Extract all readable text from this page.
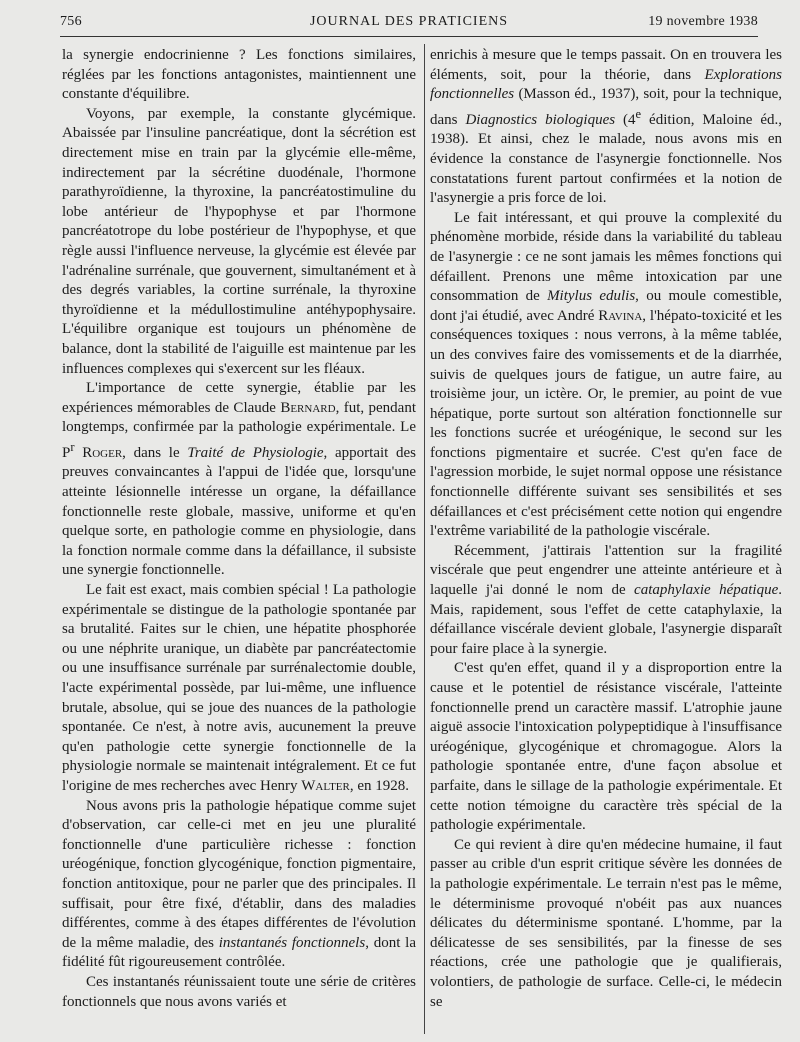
756	JOURNAL DES PRATICIENS	19 novembre 1938

la synergie endocrinienne ? Les fonctions similaires, réglées par les fonctions antagonistes, maintiennent une constante d'équilibre.

Voyons, par exemple, la constante glycémique. Abaissée par l'insuline pancréatique, dont la sécrétion est directement mise en train par la glycémie elle-même, indirectement par la sécrétine duodénale, l'hormone parathyroïdienne, la thyroxine, la pancréatostimuline du lobe antérieur de l'hypophyse et par l'hormone pancréatotrope du lobe postérieur de l'hypophyse, et que règle aussi l'influence nerveuse, la glycémie est élevée par l'adrénaline surrénale, que gouvernent, simultanément et à des degrés variables, la cortine surrénale, la thyroxine thyroïdienne et la médullostimuline antéhypophysaire. L'équilibre organique est toujours un phénomène de balance, dont la stabilité de l'aiguille est maintenue par les influences complexes qui s'exercent sur les fléaux.

L'importance de cette synergie, établie par les expériences mémorables de Claude Bernard, fut, pendant longtemps, confirmée par la pathologie expérimentale. Le $P^r$ Roger, dans le Traité de Physiologie, apportait des preuves convaincantes à l'appui de l'idée que, lorsqu'une atteinte lésionnelle intéresse un organe, la défaillance fonctionnelle reste globale, massive, uniforme et qu'en quelque sorte, en pathologie comme en physiologie, dans la fonction normale comme dans la défaillance, il subsiste une synergie fonctionnelle.

Le fait est exact, mais combien spécial ! La pathologie expérimentale se distingue de la pathologie spontanée par sa brutalité. Faites sur le chien, une hépatite phosphorée ou une néphrite uranique, un diabète par pancréatectomie ou une insuffisance surrénale par surrénalectomie double, l'acte expérimental possède, par lui-même, une influence brutale, absolue, qui se joue des nuances de la pathologie spontanée. Ce n'est, à notre avis, aucunement la preuve qu'en pathologie cette synergie fonctionnelle de la physiologie normale se maintenait intégralement. Et ce fut l'origine de mes recherches avec Henry Walter, en 1928.

Nous avons pris la pathologie hépatique comme sujet d'observation, car celle-ci met en jeu une pluralité fonctionnelle d'une particulière richesse : fonction uréogénique, fonction glycogénique, fonction pigmentaire, fonction antitoxique, pour ne parler que des principales. Il suffisait, pour être fixé, d'établir, dans des maladies différentes, comme à des étapes différentes de l'évolution de la même maladie, des instantanés fonctionnels, dont la fidélité fût rigoureusement contrôlée.

Ces instantanés réunissaient toute une série de critères fonctionnels que nous avons variés et

enrichis à mesure que le temps passait. On en trouvera les éléments, soit, pour la théorie, dans Explorations fonctionnelles (Masson éd., 1937), soit, pour la technique, dans Diagnostics biologiques (4e édition, Maloine éd., 1938). Et ainsi, chez le malade, nous avons mis en évidence la constance de l'asynergie fonctionnelle. Nos constatations furent partout confirmées et la notion de l'asynergie a pris force de loi.

Le fait intéressant, et qui prouve la complexité du phénomène morbide, réside dans la variabilité du tableau de l'asynergie : ce ne sont jamais les mêmes fonctions qui défaillent. Prenons une même intoxication par une consommation de Mitylus edulis, ou moule comestible, dont j'ai étudié, avec André Ravina, l'hépato-toxicité et les conséquences toxiques : nous verrons, à la même tablée, un des convives faire des vomissements et de la diarrhée, suivis de quelques jours de fatigue, un autre faire, au troisième jour, un ictère. Or, le premier, au point de vue hépatique, porte surtout son altération fonctionnelle sur les fonctions sucrée et uréogénique, le second sur les fonctions pigmentaire et sucrée. C'est qu'en face de l'agression morbide, le sujet normal oppose une résistance fonctionnelle différente suivant ses sensibilités et ses défaillances et c'est précisément cette notion qui engendre l'extrême variabilité de la pathologie viscérale.

Récemment, j'attirais l'attention sur la fragilité viscérale que peut engendrer une atteinte antérieure et à laquelle j'ai donné le nom de cataphylaxie hépatique. Mais, rapidement, sous l'effet de cette cataphylaxie, la défaillance viscérale devient globale, l'asynergie disparaît pour faire place à la synergie.

C'est qu'en effet, quand il y a disproportion entre la cause et le potentiel de résistance viscérale, l'atteinte fonctionnelle prend un caractère massif. L'atrophie jaune aiguë associe l'intoxication polypeptidique à l'insuffisance uréogénique, glycogénique et chromagogue. Alors la pathologie spontanée entre, d'une façon absolue et parfaite, dans le sillage de la pathologie expérimentale. Et cette notion témoigne du caractère très spécial de la pathologie expérimentale.

Ce qui revient à dire qu'en médecine humaine, il faut passer au crible d'un esprit critique sévère les données de la pathologie expérimentale. Le terrain n'est pas le même, le déterminisme provoqué n'obéit pas aux nuances délicates du déterminisme spontané. L'homme, par la délicatesse de ses sensibilités, par la finesse de ses réactions, crée une pathologie que je qualifierais, volontiers, de pathologie de surface. Celle-ci, le médecin se
